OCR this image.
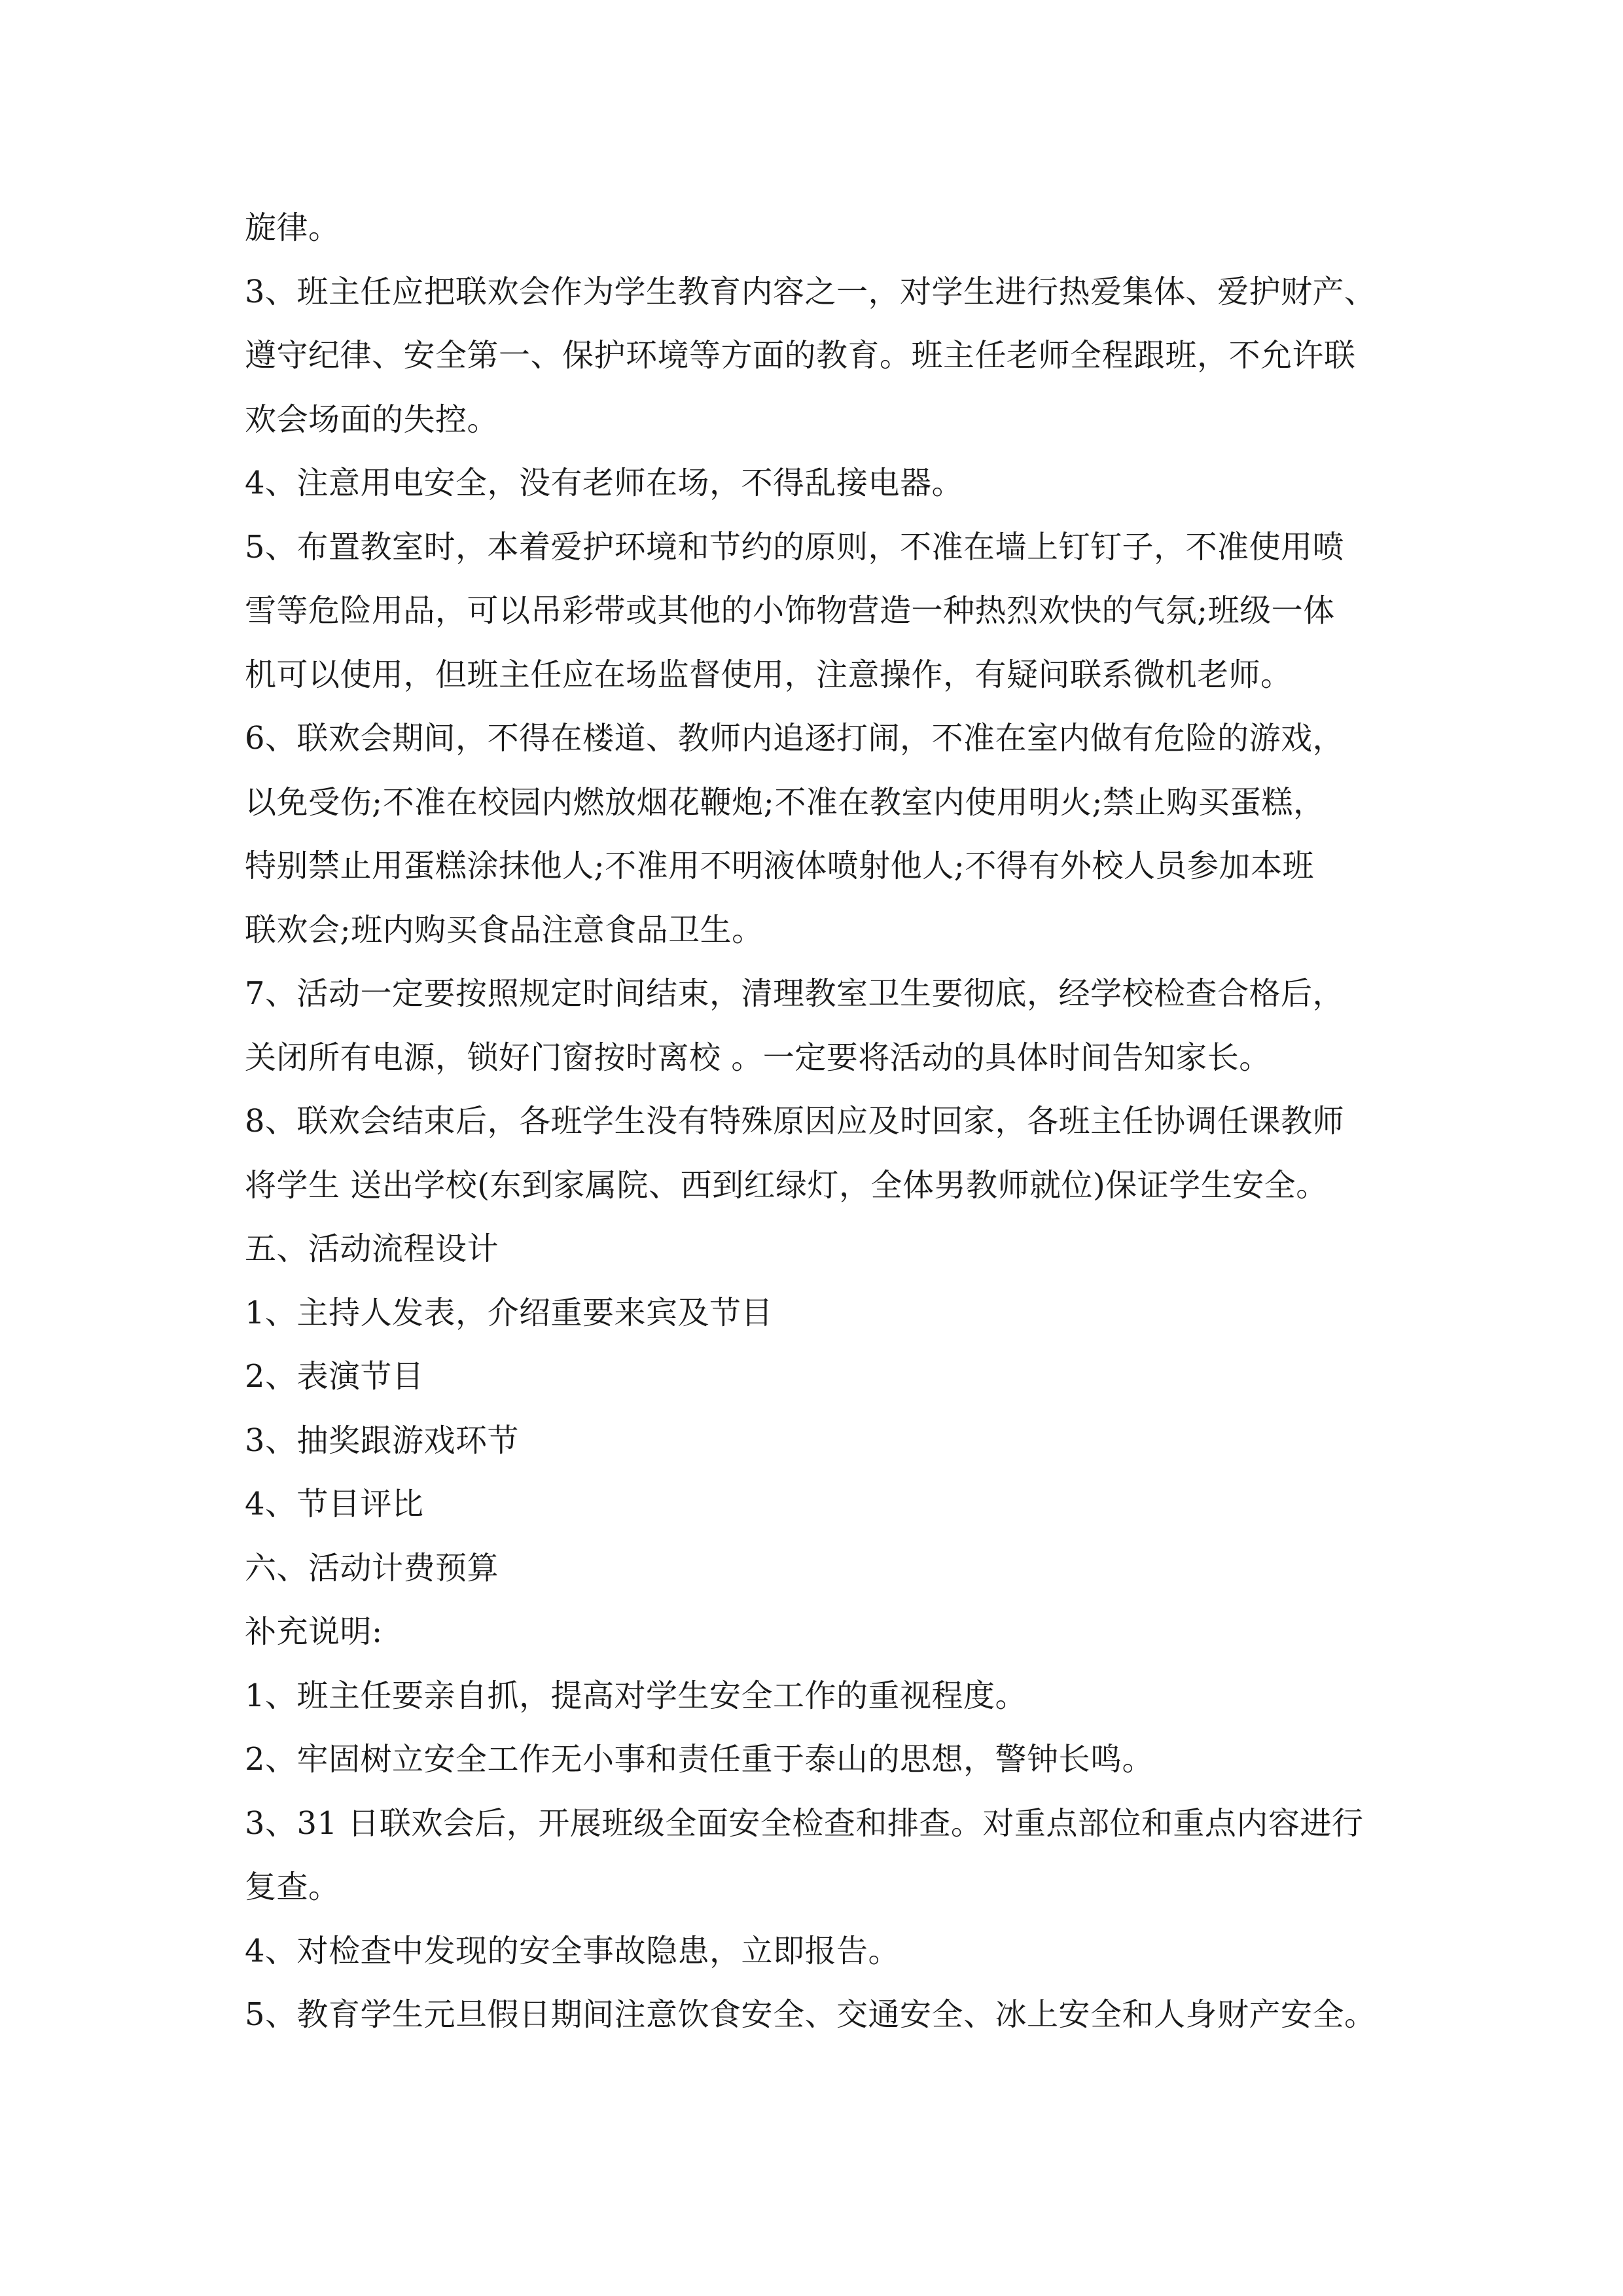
旋律。
3、班主任应把联欢会作为学生教育内容之一，对学生进行热爱集体、爱护财产、
遵守纪律、安全第一、保护环境等方面的教育。班主任老师全程跟班，不允许联
欢会场面的失控。
4、注意用电安全，没有老师在场，不得乱接电器。
5、布置教室时，本着爱护环境和节约的原则，不准在墙上钉钉子，不准使用喷
雪等危险用品，可以吊彩带或其他的小饰物营造一种热烈欢快的气氛;班级一体
机可以使用，但班主任应在场监督使用，注意操作，有疑问联系微机老师。
6、联欢会期间，不得在楼道、教师内追逐打闹，不准在室内做有危险的游戏，
以免受伤;不准在校园内燃放烟花鞭炮;不准在教室内使用明火;禁止购买蛋糕，
特别禁止用蛋糕涂抹他人;不准用不明液体喷射他人;不得有外校人员参加本班
联欢会;班内购买食品注意食品卫生。
7、活动一定要按照规定时间结束，清理教室卫生要彻底，经学校检查合格后，
关闭所有电源，锁好门窗按时离校 。一定要将活动的具体时间告知家长。
8、联欢会结束后，各班学生没有特殊原因应及时回家，各班主任协调任课教师
将学生 送出学校(东到家属院、西到红绿灯，全体男教师就位)保证学生安全。
五、活动流程设计
1、主持人发表，介绍重要来宾及节目
2、表演节目
3、抽奖跟游戏环节
4、节目评比
六、活动计费预算
补充说明:
1、班主任要亲自抓，提高对学生安全工作的重视程度。
2、牢固树立安全工作无小事和责任重于泰山的思想，警钟长鸣。
3、31 日联欢会后，开展班级全面安全检查和排查。对重点部位和重点内容进行
复查。
4、对检查中发现的安全事故隐患，立即报告。
5、教育学生元旦假日期间注意饮食安全、交通安全、冰上安全和人身财产安全。
